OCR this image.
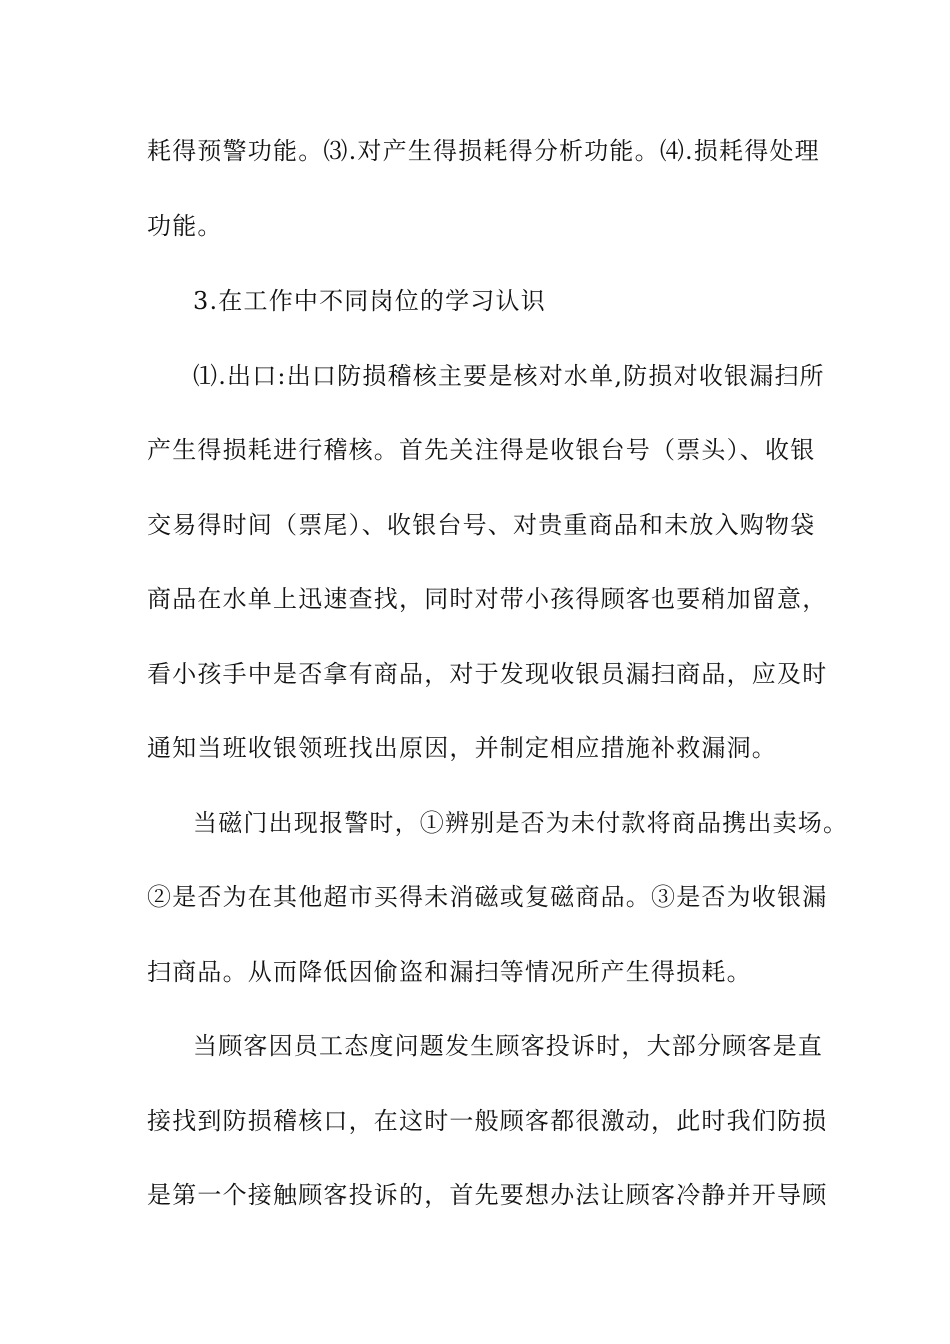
耗得预警功能。⑶.对产生得损耗得分析功能。⑷.损耗得处理
功能。
3.在工作中不同岗位的学习认识
⑴.出口:出口防损稽核主要是核对水单,防损对收银漏扫所
产生得损耗进行稽核。首先关注得是收银台号（票头）、收银
交易得时间（票尾）、收银台号、对贵重商品和未放入购物袋
商品在水单上迅速查找，同时对带小孩得顾客也要稍加留意，
看小孩手中是否拿有商品，对于发现收银员漏扫商品，应及时
通知当班收银领班找出原因，并制定相应措施补救漏洞。
当磁门出现报警时，①辨别是否为未付款将商品携出卖场。
②是否为在其他超市买得未消磁或复磁商品。③是否为收银漏
扫商品。从而降低因偷盗和漏扫等情况所产生得损耗。
当顾客因员工态度问题发生顾客投诉时，大部分顾客是直
接找到防损稽核口，在这时一般顾客都很激动，此时我们防损
是第一个接触顾客投诉的，首先要想办法让顾客冷静并开导顾
